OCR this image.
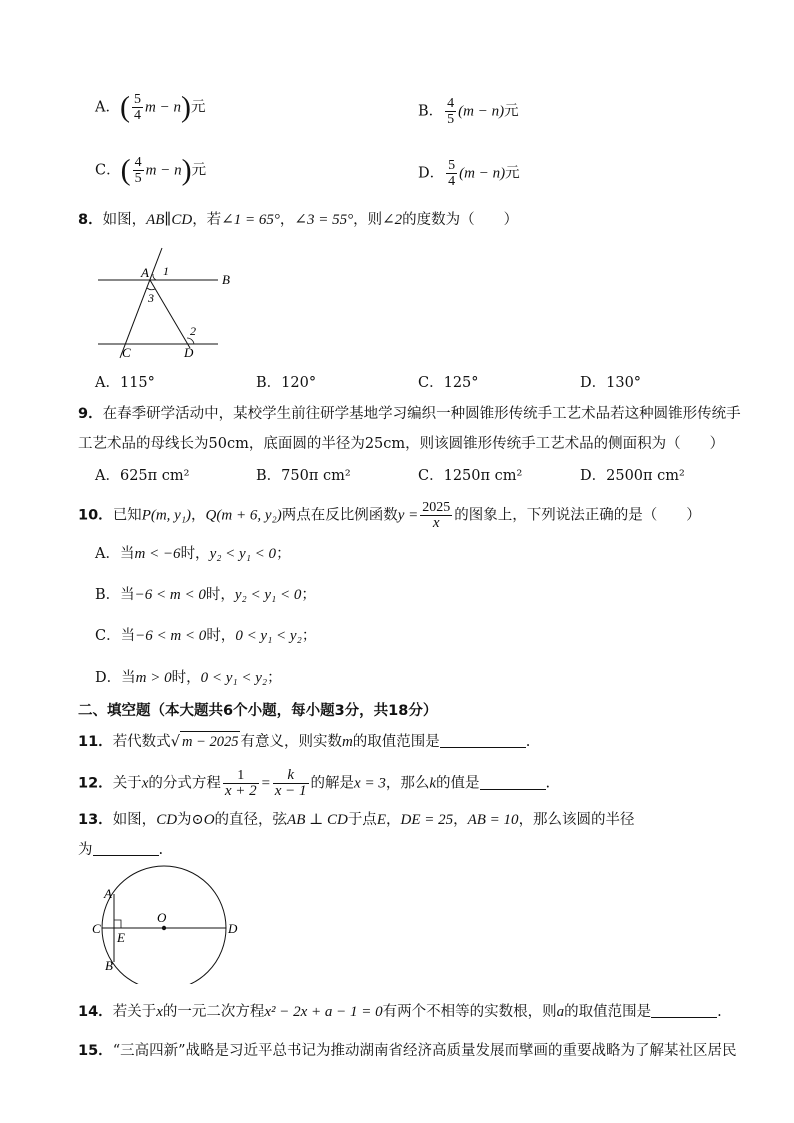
A．( $\frac{5}{4}$ m − n)元	B． $\frac{4}{5} (m - n)$元
C．( $\frac{4}{5}$ m − n)元	D． $\frac{5}{4} (m - n)$元
8．如图，AB∥CD，若∠1 = 65°，∠3 = 55°，则∠2的度数为（　　）
A 1
B
3
2
C	D
A．115°	B．120°	C．125°	D．130°
9．在春季研学活动中，某校学生前往研学基地学习编织一种圆锥形传统手工艺术品若这种圆锥形传统手
工艺术品的母线长为50cm，底面圆的半径为25cm，则该圆锥形传统手工艺术品的侧面积为（　　）
A．625π cm²	B．750π cm²	C．1250π cm²	D．2500π cm²
10．已知P(m, y₁)，Q(m + 6, y₂)两点在反比例函数$y = \frac{2025}{x}$ 的图象上，下列说法正确的是（　　）
A．当m < −6时，y₂ < y₁ < 0；
B．当−6 < m < 0时，y₂ < y₁ < 0；
C．当−6 < m < 0时，0 < y₁ < y₂；
D．当m > 0时，0 < y₁ < y₂；
二、填空题（本大题共6个小题，每小题3分，共18分）
11．若代数式√ m − 2025 有意义，则实数m的取值范围是	.
12．关于x的分式方程 $\frac{1}{x + 2} = \frac{k}{x - 1}$ 的解是x = 3，那么k的值是	.
13．如图，CD为⊙O的直径，弦AB ⊥ CD于点E，DE = 25，AB = 10，那么该圆的半径
为	.
A
C
E
O
D
B
14．若关于x的一元二次方程x² − 2x + a − 1 = 0有两个不相等的实数根，则a的取值范围是	.
15．“三高四新”战略是习近平总书记为推动湖南省经济高质量发展而擘画的重要战略为了解某社区居民
